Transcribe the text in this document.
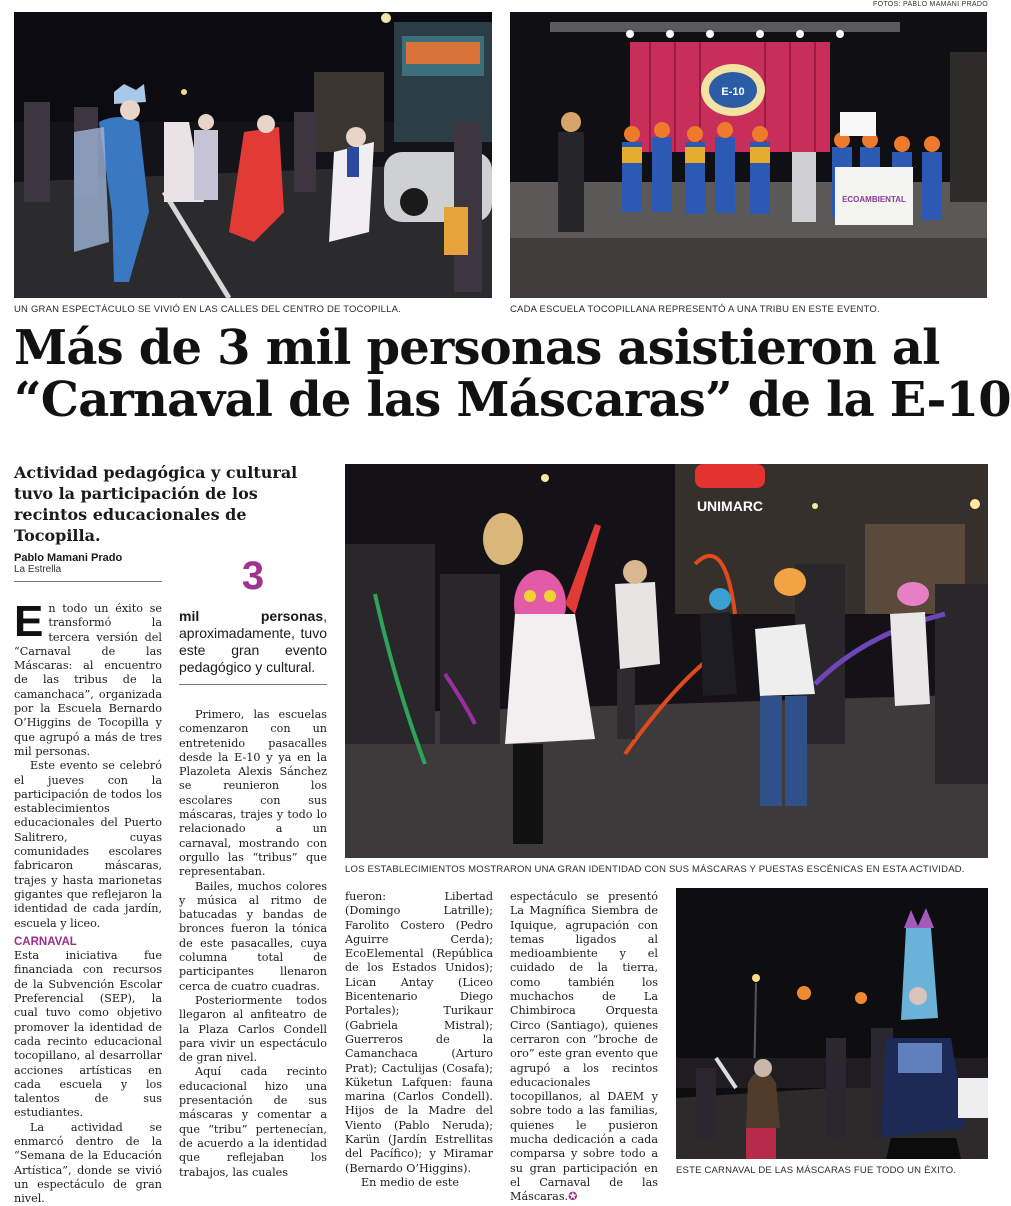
FOTOS: PABLO MAMANI PRADO
UN GRAN ESPECTÁCULO SE VIVIÓ EN LAS CALLES DEL CENTRO DE TOCOPILLA.
E-10
ECOAMBIENTAL
CADA ESCUELA TOCOPILLANA REPRESENTÓ A UNA TRIBU EN ESTE EVENTO.
Más de 3 mil personas asistieron al
“Carnaval de las Máscaras” de la E-10
Actividad pedagógica y cultural tuvo la participación de los recintos educacionales de Tocopilla.
Pablo Mamani Prado
La Estrella	3
mil personas, aproximadamente, tuvo este gran evento pedagógico y cultural.

En todo un éxito se transformó la tercera versión del “Carnaval de las Máscaras: al encuentro de las tribus de la camanchaca”, organizada por la Escuela Bernardo O’Higgins de Tocopilla y que agrupó a más de tres mil personas.

Este evento se celebró el jueves con la participación de todos los establecimientos educacionales del Puerto Salitrero, cuyas comunidades escolares fabricaron máscaras, trajes y hasta marionetas gigantes que reflejaron la identidad de cada jardín, escuela y liceo.

CARNAVAL

Esta iniciativa fue financiada con recursos de la Subvención Escolar Preferencial (SEP), la cual tuvo como objetivo promover la identidad de cada recinto educacional tocopillano, al desarrollar acciones artísticas en cada escuela y los talentos de sus estudiantes.

La actividad se enmarcó dentro de la “Semana de la Educación Artística”, donde se vivió un espectáculo de gran nivel.

Primero, las escuelas comenzaron con un entretenido pasacalles desde la E-10 y ya en la Plazoleta Alexis Sánchez se reunieron los escolares con sus máscaras, trajes y todo lo relacionado a un carnaval, mostrando con orgullo las “tribus” que representaban.

Bailes, muchos colores y música al ritmo de batucadas y bandas de bronces fueron la tónica de este pasacalles, cuya columna total de participantes llenaron cerca de cuatro cuadras.

Posteriormente todos llegaron al anfiteatro de la Plaza Carlos Condell para vivir un espectáculo de gran nivel.

Aquí cada recinto educacional hizo una presentación de sus máscaras y comentar a que “tribu” pertenecían, de acuerdo a la identidad que reflejaban los trabajos, las cuales

UNIMARC
LOS ESTABLECIMIENTOS MOSTRARON UNA GRAN IDENTIDAD CON SUS MÁSCARAS Y PUESTAS ESCÉNICAS EN ESTA ACTIVIDAD.

fueron: Libertad (Domingo Latrille); Farolito Costero (Pedro Aguirre Cerda); EcoElemental (República de los Estados Unidos); Lican Antay (Liceo Bicentenario Diego Portales); Turikaur (Gabriela Mistral); Guerreros de la Camanchaca (Arturo Prat); Cactulijas (Cosafa); Küketun Lafquen: fauna marina (Carlos Condell). Hijos de la Madre del Viento (Pablo Neruda); Karün (Jardín Estrellitas del Pacífico); y Miramar (Bernardo O’Higgins).

En medio de este

espectáculo se presentó La Magnífica Siembra de Iquique, agrupación con temas ligados al medioambiente y el cuidado de la tierra, como también los muchachos de La Chimbiroca Orquesta Circo (Santiago), quienes cerraron con “broche de oro” este gran evento que agrupó a los recintos educacionales tocopillanos, al DAEM y sobre todo a las familias, quienes le pusieron mucha dedicación a cada comparsa y sobre todo a su gran participación en el Carnaval de las Máscaras.✪

ESTE CARNAVAL DE LAS MÁSCARAS FUE TODO UN ÉXITO.
